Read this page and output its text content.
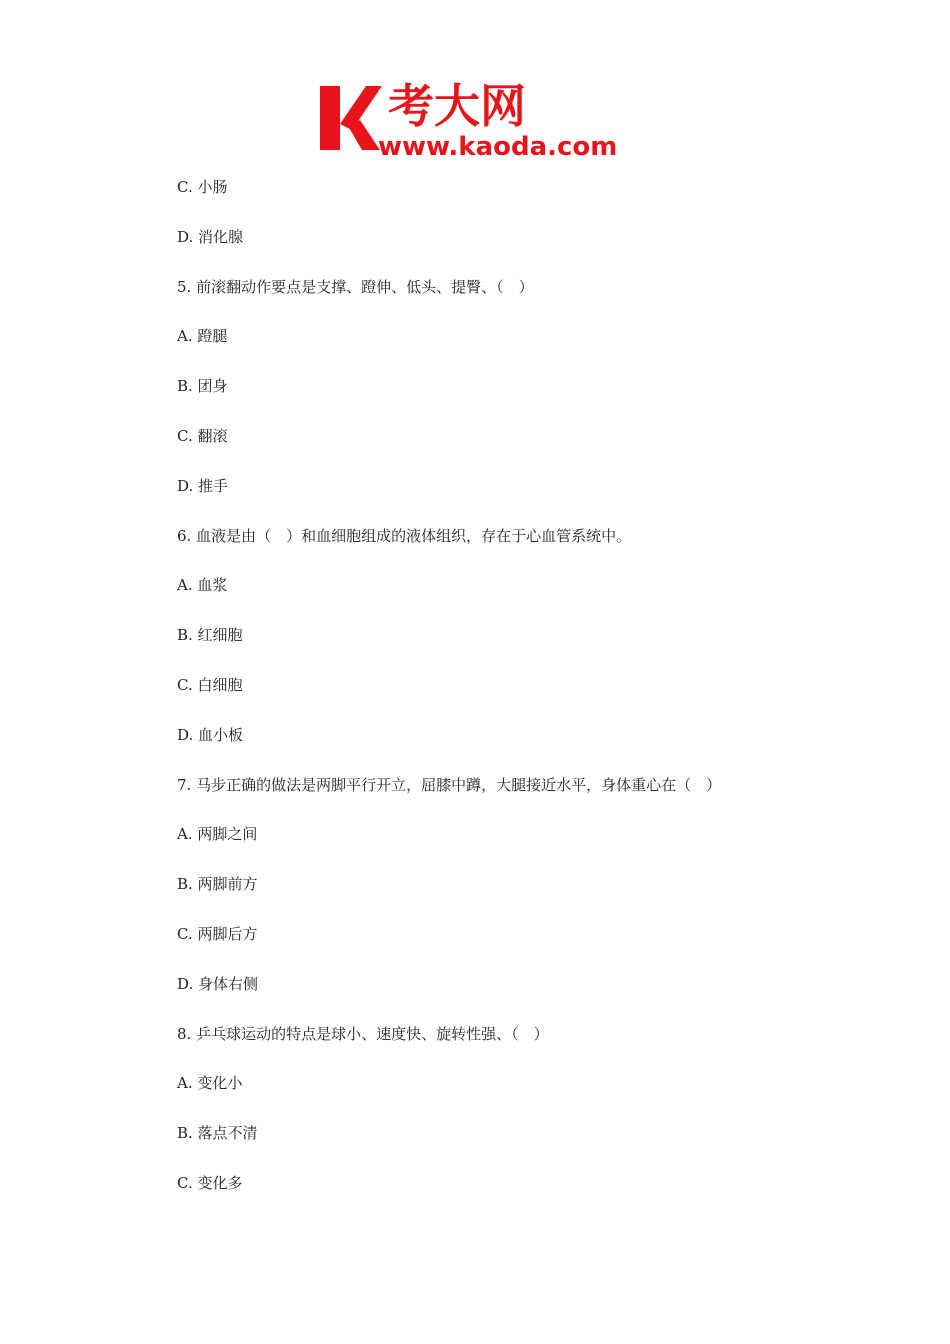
考大网
www.kaoda.com
C. 小肠
D. 消化腺
5. 前滚翻动作要点是支撑、蹬伸、低头、提臀、（　）
A. 蹬腿
B. 团身
C. 翻滚
D. 推手
6. 血液是由（　）和血细胞组成的液体组织，存在于心血管系统中。
A. 血浆
B. 红细胞
C. 白细胞
D. 血小板
7. 马步正确的做法是两脚平行开立，屈膝中蹲，大腿接近水平，身体重心在（　）
A. 两脚之间
B. 两脚前方
C. 两脚后方
D. 身体右侧
8. 乒乓球运动的特点是球小、速度快、旋转性强、（　）
A. 变化小
B. 落点不清
C. 变化多
